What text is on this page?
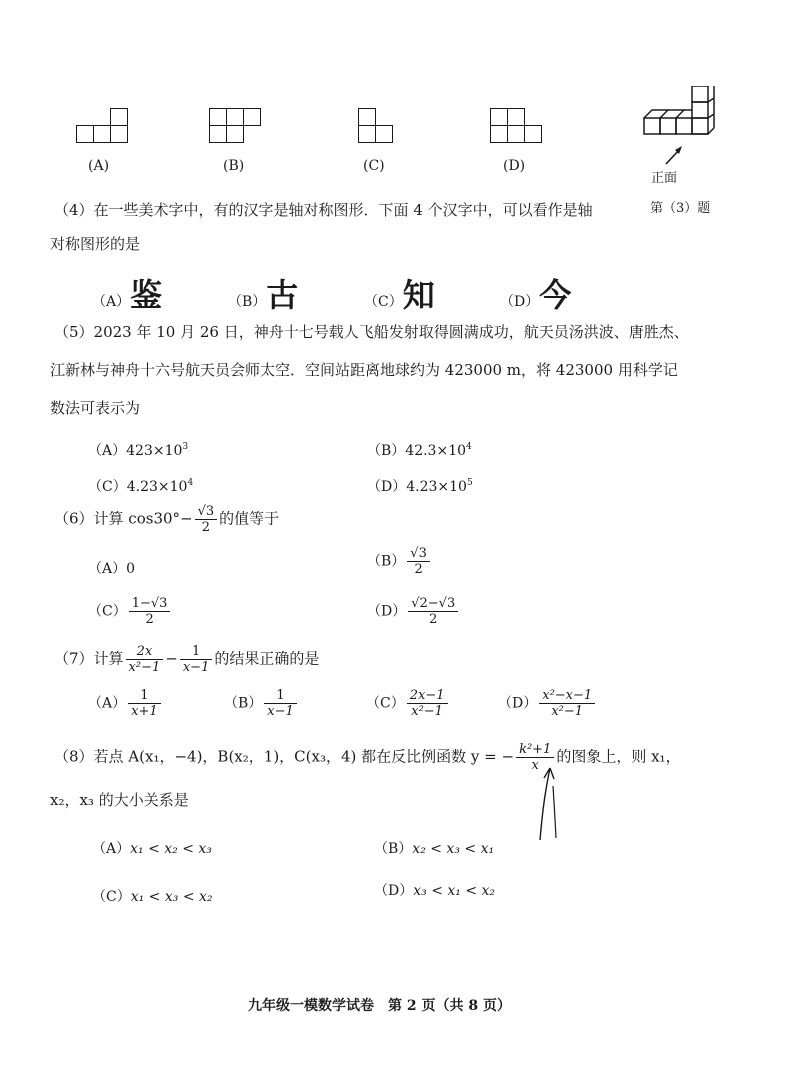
(A)	(B)	(C)	(D)
正面
第（3）题
（4）在一些美术字中，有的汉字是轴对称图形．下面 4 个汉字中，可以看作是轴
对称图形的是
（A）鉴	（B）古	（C）知	（D）今
（5）2023 年 10 月 26 日，神舟十七号载人飞船发射取得圆满成功，航天员汤洪波、唐胜杰、
江新林与神舟十六号航天员会师太空．空间站距离地球约为 423000 m，将 423000 用科学记
数法可表示为
$(A)423\times 10^3$	$(B)42.3\times 10^4$
$(C)4.23\times 10^4$	$(D)4.23\times 10^5$
（6）计算 $\cos 30^\circ- \frac{√3}{2}$ 的值等于
（A）0	$(B) \frac{√3}{2}$
$(C) \frac{1-√3}{2}$	$(D) \frac{√2-√3}{2}$
（7）计算 $\frac{2x}{\text{x²−1}} - \frac{1}{x-1}$ 的结果正确的是
$(A) \frac{1}{x+1}$	$(B) \frac{1}{x-1}$	$(C) \frac{2x-1}{\text{x²−1}}$	$(D) \frac{\text{x²−x−1}}{\text{x²−1}}$
（8）若点 A(x₁，−4)，B(x₂，1)，C(x₃，4) 都在反比例函数 y = − $\frac{\text{k²+1}}{x}$ 的图象上，则 x₁，
x₂，x₃ 的大小关系是
（A）x₁ < x₂ < x₃	（B）x₂ < x₃ < x₁
（C）x₁ < x₃ < x₂	（D）x₃ < x₁ < x₂
九年级一模数学试卷　第 2 页（共 8 页）
